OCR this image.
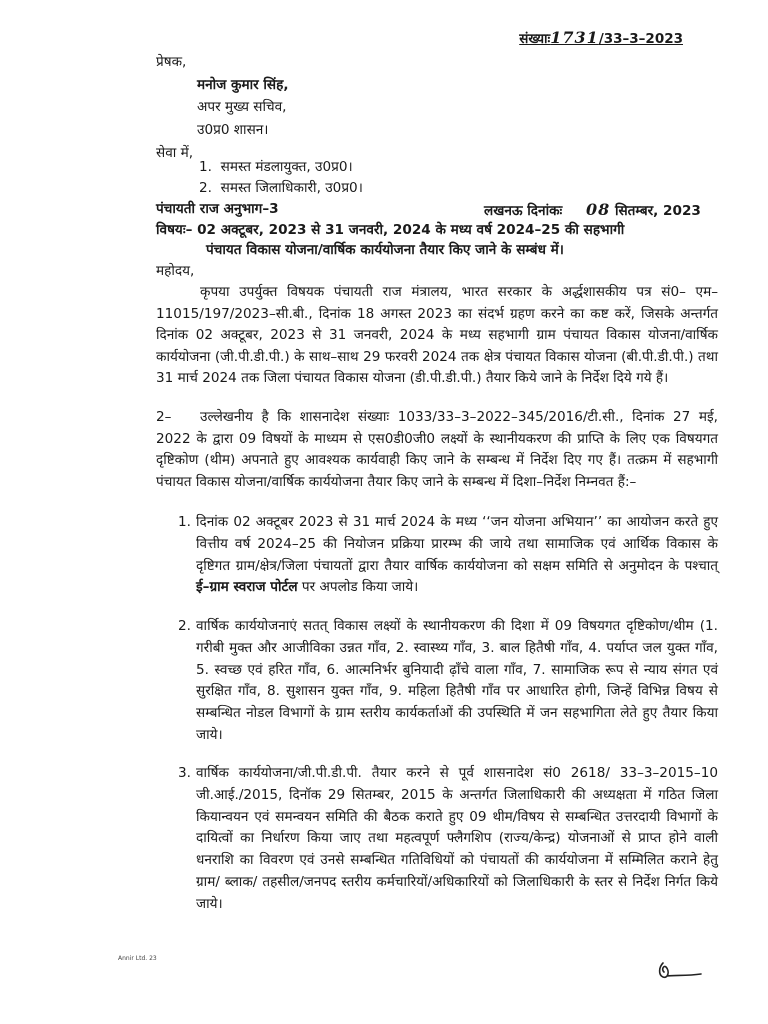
संख्याः1731/33–3–2023
प्रेषक,
मनोज कुमार सिंह,
अपर मुख्य सचिव,
उ0प्र0 शासन।
सेवा में,
1. समस्त मंडलायुक्त, उ0प्र0।
2. समस्त जिलाधिकारी, उ0प्र0।
पंचायती राज अनुभाग–3	लखनऊ दिनांकः 08 सितम्बर, 2023
विषयः– 02 अक्टूबर, 2023 से 31 जनवरी, 2024 के मध्य वर्ष 2024–25 की सहभागी
पंचायत विकास योजना/वार्षिक कार्ययोजना तैयार किए जाने के सम्बंध में।
महोदय,
कृपया उपर्युक्त विषयक पंचायती राज मंत्रालय, भारत सरकार के अर्द्धशासकीय पत्र सं0– एम–11015/197/2023–सी.बी., दिनांक 18 अगस्त 2023 का संदर्भ ग्रहण करने का कष्ट करें, जिसके अन्तर्गत दिनांक 02 अक्टूबर, 2023 से 31 जनवरी, 2024 के मध्य सहभागी ग्राम पंचायत विकास योजना/वार्षिक कार्ययोजना (जी.पी.डी.पी.) के साथ–साथ 29 फरवरी 2024 तक क्षेत्र पंचायत विकास योजना (बी.पी.डी.पी.) तथा 31 मार्च 2024 तक जिला पंचायत विकास योजना (डी.पी.डी.पी.) तैयार किये जाने के निर्देश दिये गये हैं।
2–	उल्लेखनीय है कि शासनादेश संख्याः 1033/33–3–2022–345/2016/टी.सी., दिनांक 27 मई, 2022 के द्वारा 09 विषयों के माध्यम से एस0डी0जी0 लक्ष्यों के स्थानीयकरण की प्राप्ति के लिए एक विषयगत दृष्टिकोण (थीम) अपनाते हुए आवश्यक कार्यवाही किए जाने के सम्बन्ध में निर्देश दिए गए हैं। तत्क्रम में सहभागी पंचायत विकास योजना/वार्षिक कार्ययोजना तैयार किए जाने के सम्बन्ध में दिशा–निर्देश निम्नवत हैं:–
1. दिनांक 02 अक्टूबर 2023 से 31 मार्च 2024 के मध्य ‘‘जन योजना अभियान’’ का आयोजन करते हुए वित्तीय वर्ष 2024–25 की नियोजन प्रक्रिया प्रारम्भ की जाये तथा सामाजिक एवं आर्थिक विकास के दृष्टिगत ग्राम/क्षेत्र/जिला पंचायतों द्वारा तैयार वार्षिक कार्ययोजना को सक्षम समिति से अनुमोदन के पश्चात् ई–ग्राम स्वराज पोर्टल पर अपलोड किया जाये।
2. वार्षिक कार्ययोजनाएं सतत् विकास लक्ष्यों के स्थानीयकरण की दिशा में 09 विषयगत दृष्टिकोण/थीम (1. गरीबी मुक्त और आजीविका उन्नत गाँव, 2. स्वास्थ्य गाँव, 3. बाल हितैषी गाँव, 4. पर्याप्त जल युक्त गाँव, 5. स्वच्छ एवं हरित गाँव, 6. आत्मनिर्भर बुनियादी ढ़ाँचे वाला गाँव, 7. सामाजिक रूप से न्याय संगत एवं सुरक्षित गाँव, 8. सुशासन युक्त गाँव, 9. महिला हितैषी गाँव पर आधारित होगी, जिन्हें विभिन्न विषय से सम्बन्धित नोडल विभागों के ग्राम स्तरीय कार्यकर्ताओं की उपस्थिति में जन सहभागिता लेते हुए तैयार किया जाये।
3. वार्षिक कार्ययोजना/जी.पी.डी.पी. तैयार करने से पूर्व शासनादेश सं0 2618/ 33–3–2015–10 जी.आई./2015, दिनॉक 29 सितम्बर, 2015 के अन्तर्गत जिलाधिकारी की अध्यक्षता में गठित जिला कियान्वयन एवं समन्वयन समिति की बैठक कराते हुए 09 थीम/विषय से सम्बन्धित उत्तरदायी विभागों के दायित्वों का निर्धारण किया जाए तथा महत्वपूर्ण फ्लैगशिप (राज्य/केन्द्र) योजनाओं से प्राप्त होने वाली धनराशि का विवरण एवं उनसे सम्बन्धित गतिविधियों को पंचायतों की कार्ययोजना में सम्मिलित कराने हेतु ग्राम/ ब्लाक/ तहसील/जनपद स्तरीय कर्मचारियों/अधिकारियों को जिलाधिकारी के स्तर से निर्देश निर्गत किये जाये।
Annir Ltd. 23
